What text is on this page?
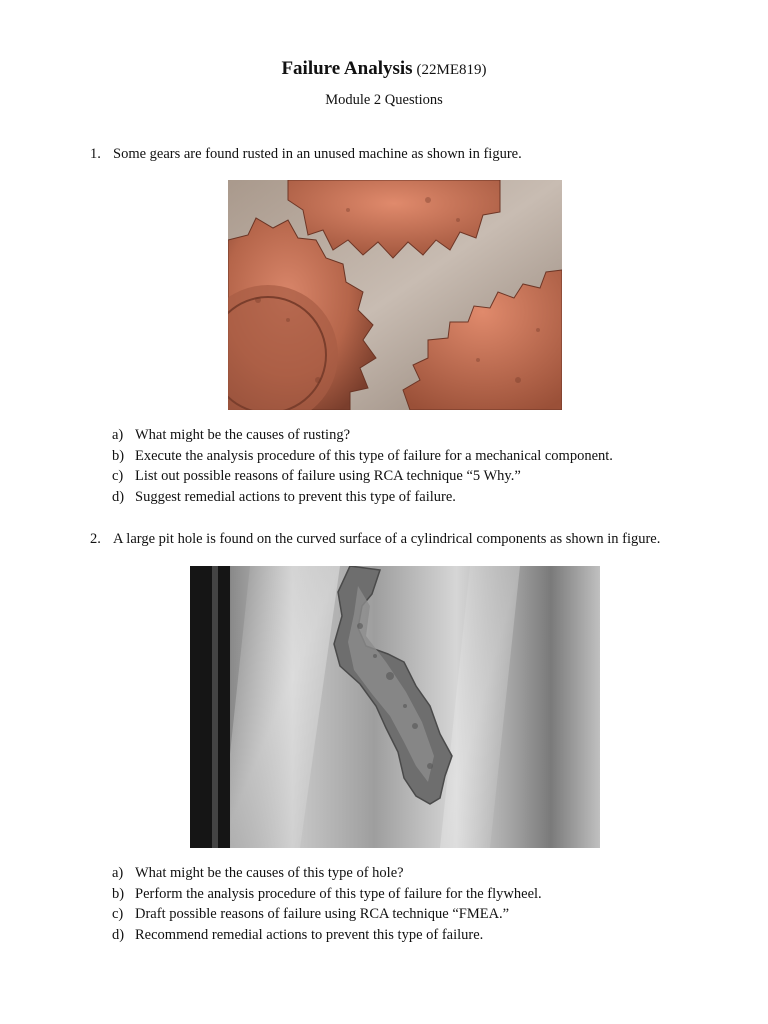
Failure Analysis (22ME819)
Module 2 Questions
1. Some gears are found rusted in an unused machine as shown in figure.
a) What might be the causes of rusting?
b) Execute the analysis procedure of this type of failure for a mechanical component.
c) List out possible reasons of failure using RCA technique “5 Why.”
d) Suggest remedial actions to prevent this type of failure.
2. A large pit hole is found on the curved surface of a cylindrical components as shown in figure.
a) What might be the causes of this type of hole?
b) Perform the analysis procedure of this type of failure for the flywheel.
c) Draft possible reasons of failure using RCA technique “FMEA.”
d) Recommend remedial actions to prevent this type of failure.
